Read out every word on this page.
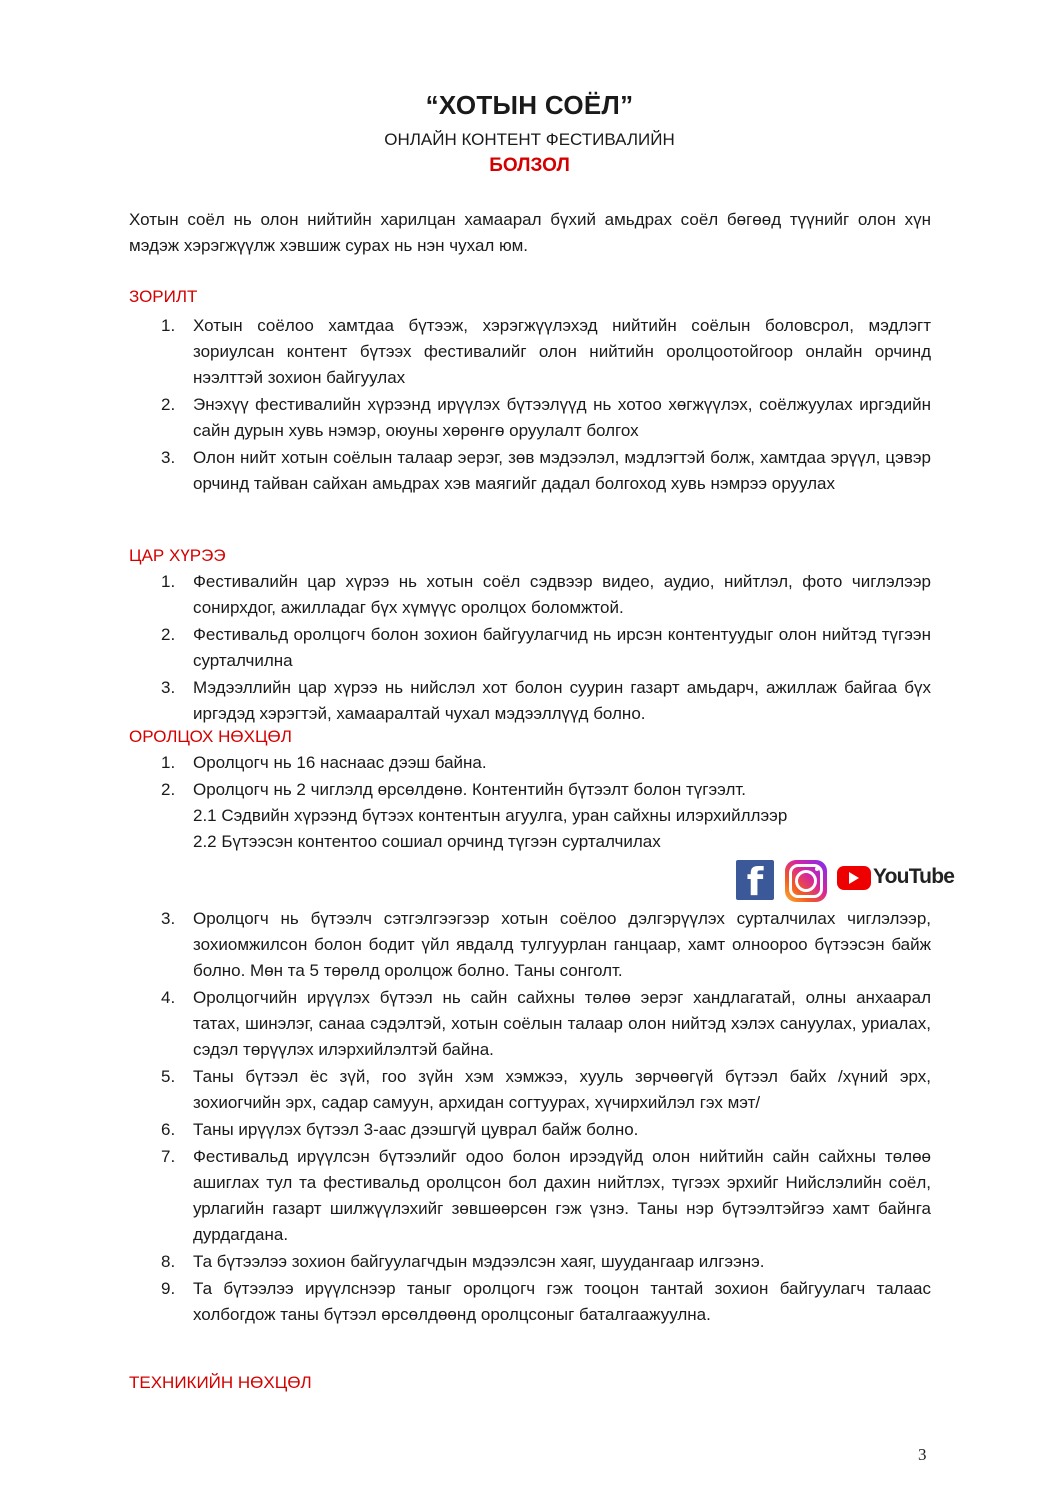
“ХОТЫН СОЁЛ”
ОНЛАЙН КОНТЕНТ ФЕСТИВАЛИЙН
БОЛЗОЛ
Хотын соёл нь олон нийтийн харилцан хамаарал бүхий амьдрах соёл бөгөөд түүнийг олон хүн мэдэж хэрэгжүүлж хэвшиж сурах нь нэн чухал юм.
ЗОРИЛТ
1. Хотын соёлоо хамтдаа бүтээж, хэрэгжүүлэхэд нийтийн соёлын боловсрол, мэдлэгт зориулсан контент бүтээх фестивалийг олон нийтийн оролцоотойгоор онлайн орчинд нээлттэй зохион байгуулах
2. Энэхүү фестивалийн хүрээнд ирүүлэх бүтээлүүд нь хотоо хөгжүүлэх, соёлжуулах иргэдийн сайн дурын хувь нэмэр, оюуны хөрөнгө оруулалт болгох
3. Олон нийт хотын соёлын талаар эерэг, зөв мэдээлэл, мэдлэгтэй болж, хамтдаа эрүүл, цэвэр орчинд тайван сайхан амьдрах хэв маягийг дадал болгоход хувь нэмрээ оруулах
ЦАР ХҮРЭЭ
1. Фестивалийн цар хүрээ нь хотын соёл сэдвээр видео, аудио, нийтлэл, фото чиглэлээр сонирхдог, ажилладаг бүх хүмүүс оролцох боломжтой.
2. Фестивальд оролцогч болон зохион байгуулагчид нь ирсэн контентуудыг олон нийтэд түгээн сурталчилна
3. Мэдээллийн цар хүрээ нь нийслэл хот болон суурин газарт амьдарч, ажиллаж байгаа бүх иргэдэд хэрэгтэй, хамааралтай чухал мэдээллүүд болно.
ОРОЛЦОХ НӨХЦӨЛ
1. Оролцогч нь 16 наснаас дээш байна.
2. Оролцогч нь 2 чиглэлд өрсөлдөнө. Контентийн бүтээлт болон түгээлт.
2.1 Сэдвийн хүрээнд бүтээх контентын агуулга, уран сайхны илэрхийллээр
2.2 Бүтээсэн контентоо сошиал орчинд түгээн сурталчилах
f	YouTube
3. Оролцогч нь бүтээлч сэтгэлгээгээр хотын соёлоо дэлгэрүүлэх сурталчилах чиглэлээр, зохиомжилсон болон бодит үйл явдалд тулгуурлан ганцаар, хамт олноороо бүтээсэн байж болно. Мөн та 5 төрөлд оролцож болно. Таны сонголт.
4. Оролцогчийн ирүүлэх бүтээл нь сайн сайхны төлөө эерэг хандлагатай, олны анхаарал татах, шинэлэг, санаа сэдэлтэй, хотын соёлын талаар олон нийтэд хэлэх сануулах, уриалах, сэдэл төрүүлэх илэрхийлэлтэй байна.
5. Таны бүтээл ёс зүй, гоо зүйн хэм хэмжээ, хууль зөрчөөгүй бүтээл байх /хүний эрх, зохиогчийн эрх, садар самуун, архидан согтуурах, хүчирхийлэл гэх мэт/
6. Таны ирүүлэх бүтээл 3-аас дээшгүй цуврал байж болно.
7. Фестивальд ирүүлсэн бүтээлийг одоо болон ирээдүйд олон нийтийн сайн сайхны төлөө ашиглах тул та фестивальд оролцсон бол дахин нийтлэх, түгээх эрхийг Нийслэлийн соёл, урлагийн газарт шилжүүлэхийг зөвшөөрсөн гэж үзнэ. Таны нэр бүтээлтэйгээ хамт байнга дурдагдана.
8. Та бүтээлээ зохион байгуулагчдын мэдээлсэн хаяг, шуудангаар илгээнэ.
9. Та бүтээлээ ирүүлснээр таныг оролцогч гэж тооцон тантай зохион байгуулагч талаас холбогдож таны бүтээл өрсөлдөөнд оролцсоныг баталгаажуулна.
ТЕХНИКИЙН НӨХЦӨЛ
3
